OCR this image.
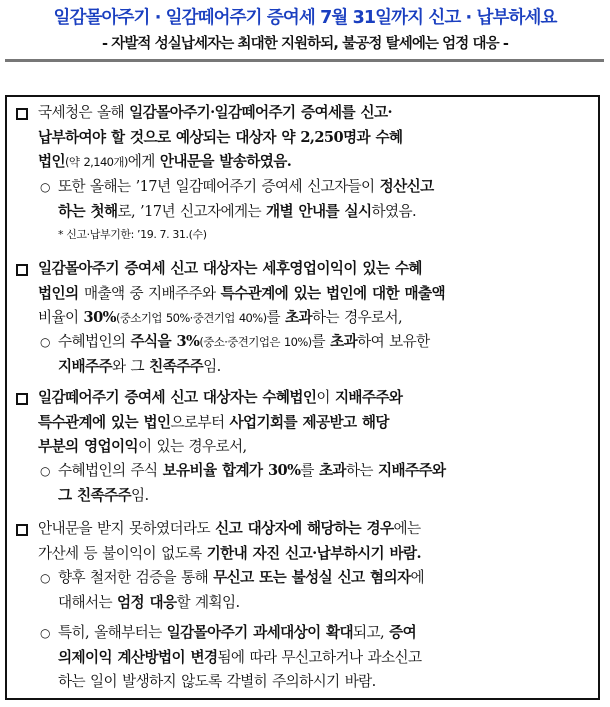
일감몰아주기 · 일감떼어주기 증여세 7월 31일까지 신고 · 납부하세요
- 자발적 성실납세자는 최대한 지원하되, 불공정 탈세에는 엄정 대응 -
국세청은 올해 일감몰아주기·일감떼어주기 증여세를 신고·
납부하여야 할 것으로 예상되는 대상자 약 2,250명과 수혜
법인(약 2,140개)에게 안내문을 발송하였음.
○ 또한 올해는 ’17년 일감떼어주기 증여세 신고자들이 정산신고
하는 첫해로, ’17년 신고자에게는 개별 안내를 실시하였음.
* 신고·납부기한: ’19. 7. 31.(수)
일감몰아주기 증여세 신고 대상자는 세후영업이익이 있는 수혜
법인의 매출액 중 지배주주와 특수관계에 있는 법인에 대한 매출액
비율이 30%(중소기업 50%·중견기업 40%)를 초과하는 경우로서,
○ 수혜법인의 주식을 3%(중소·중견기업은 10%)를 초과하여 보유한
지배주주와 그 친족주주임.
일감떼어주기 증여세 신고 대상자는 수혜법인이 지배주주와
특수관계에 있는 법인으로부터 사업기회를 제공받고 해당
부분의 영업이익이 있는 경우로서,
○ 수혜법인의 주식 보유비율 합계가 30%를 초과하는 지배주주와
그 친족주주임.
안내문을 받지 못하였더라도 신고 대상자에 해당하는 경우에는
가산세 등 불이익이 없도록 기한내 자진 신고·납부하시기 바람.
○ 향후 철저한 검증을 통해 무신고 또는 불성실 신고 혐의자에
대해서는 엄정 대응할 계획임.
○ 특히, 올해부터는 일감몰아주기 과세대상이 확대되고, 증여
의제이익 계산방법이 변경됨에 따라 무신고하거나 과소신고
하는 일이 발생하지 않도록 각별히 주의하시기 바람.
